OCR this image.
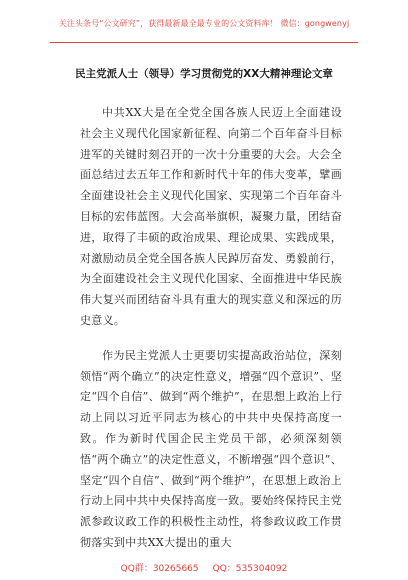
关注头条号“公文研究”，获得最新最全最专业的公文资料库！ 微信：gongwenyj
民主党派人士（领导）学习贯彻党的XX大精神理论文章

中共XX大是在全党全国各族人民迈上全面建设社会主义现代化国家新征程、向第二个百年奋斗目标进军的关键时刻召开的一次十分重要的大会。大会全面总结过去五年工作和新时代十年的伟大变革，擘画全面建设社会主义现代化国家、实现第二个百年奋斗目标的宏伟蓝图。大会高举旗帜，凝聚力量，团结奋进，取得了丰硕的政治成果、理论成果、实践成果，对激励动员全党全国各族人民踔厉奋发、勇毅前行，为全面建设社会主义现代化国家、全面推进中华民族伟大复兴而团结奋斗具有重大的现实意义和深远的历史意义。

作为民主党派人士更要切实提高政治站位，深刻领悟“两个确立”的决定性意义，增强“四个意识”、坚定“四个自信”、做到“两个维护”，在思想上政治上行动上同以习近平同志为核心的中共中央保持高度一致。作为新时代国企民主党员干部，必须深刻领悟“两个确立”的决定性意义，不断增强“四个意识”、坚定“四个自信”、做到“两个维护”，在思想上政治上行动上同中共中央保持高度一致。要始终保持民主党派参政议政工作的积极性主动性，将参政议政工作贯彻落实到中共XX大提出的重大

QQ群：30265665 QQ：535304092
